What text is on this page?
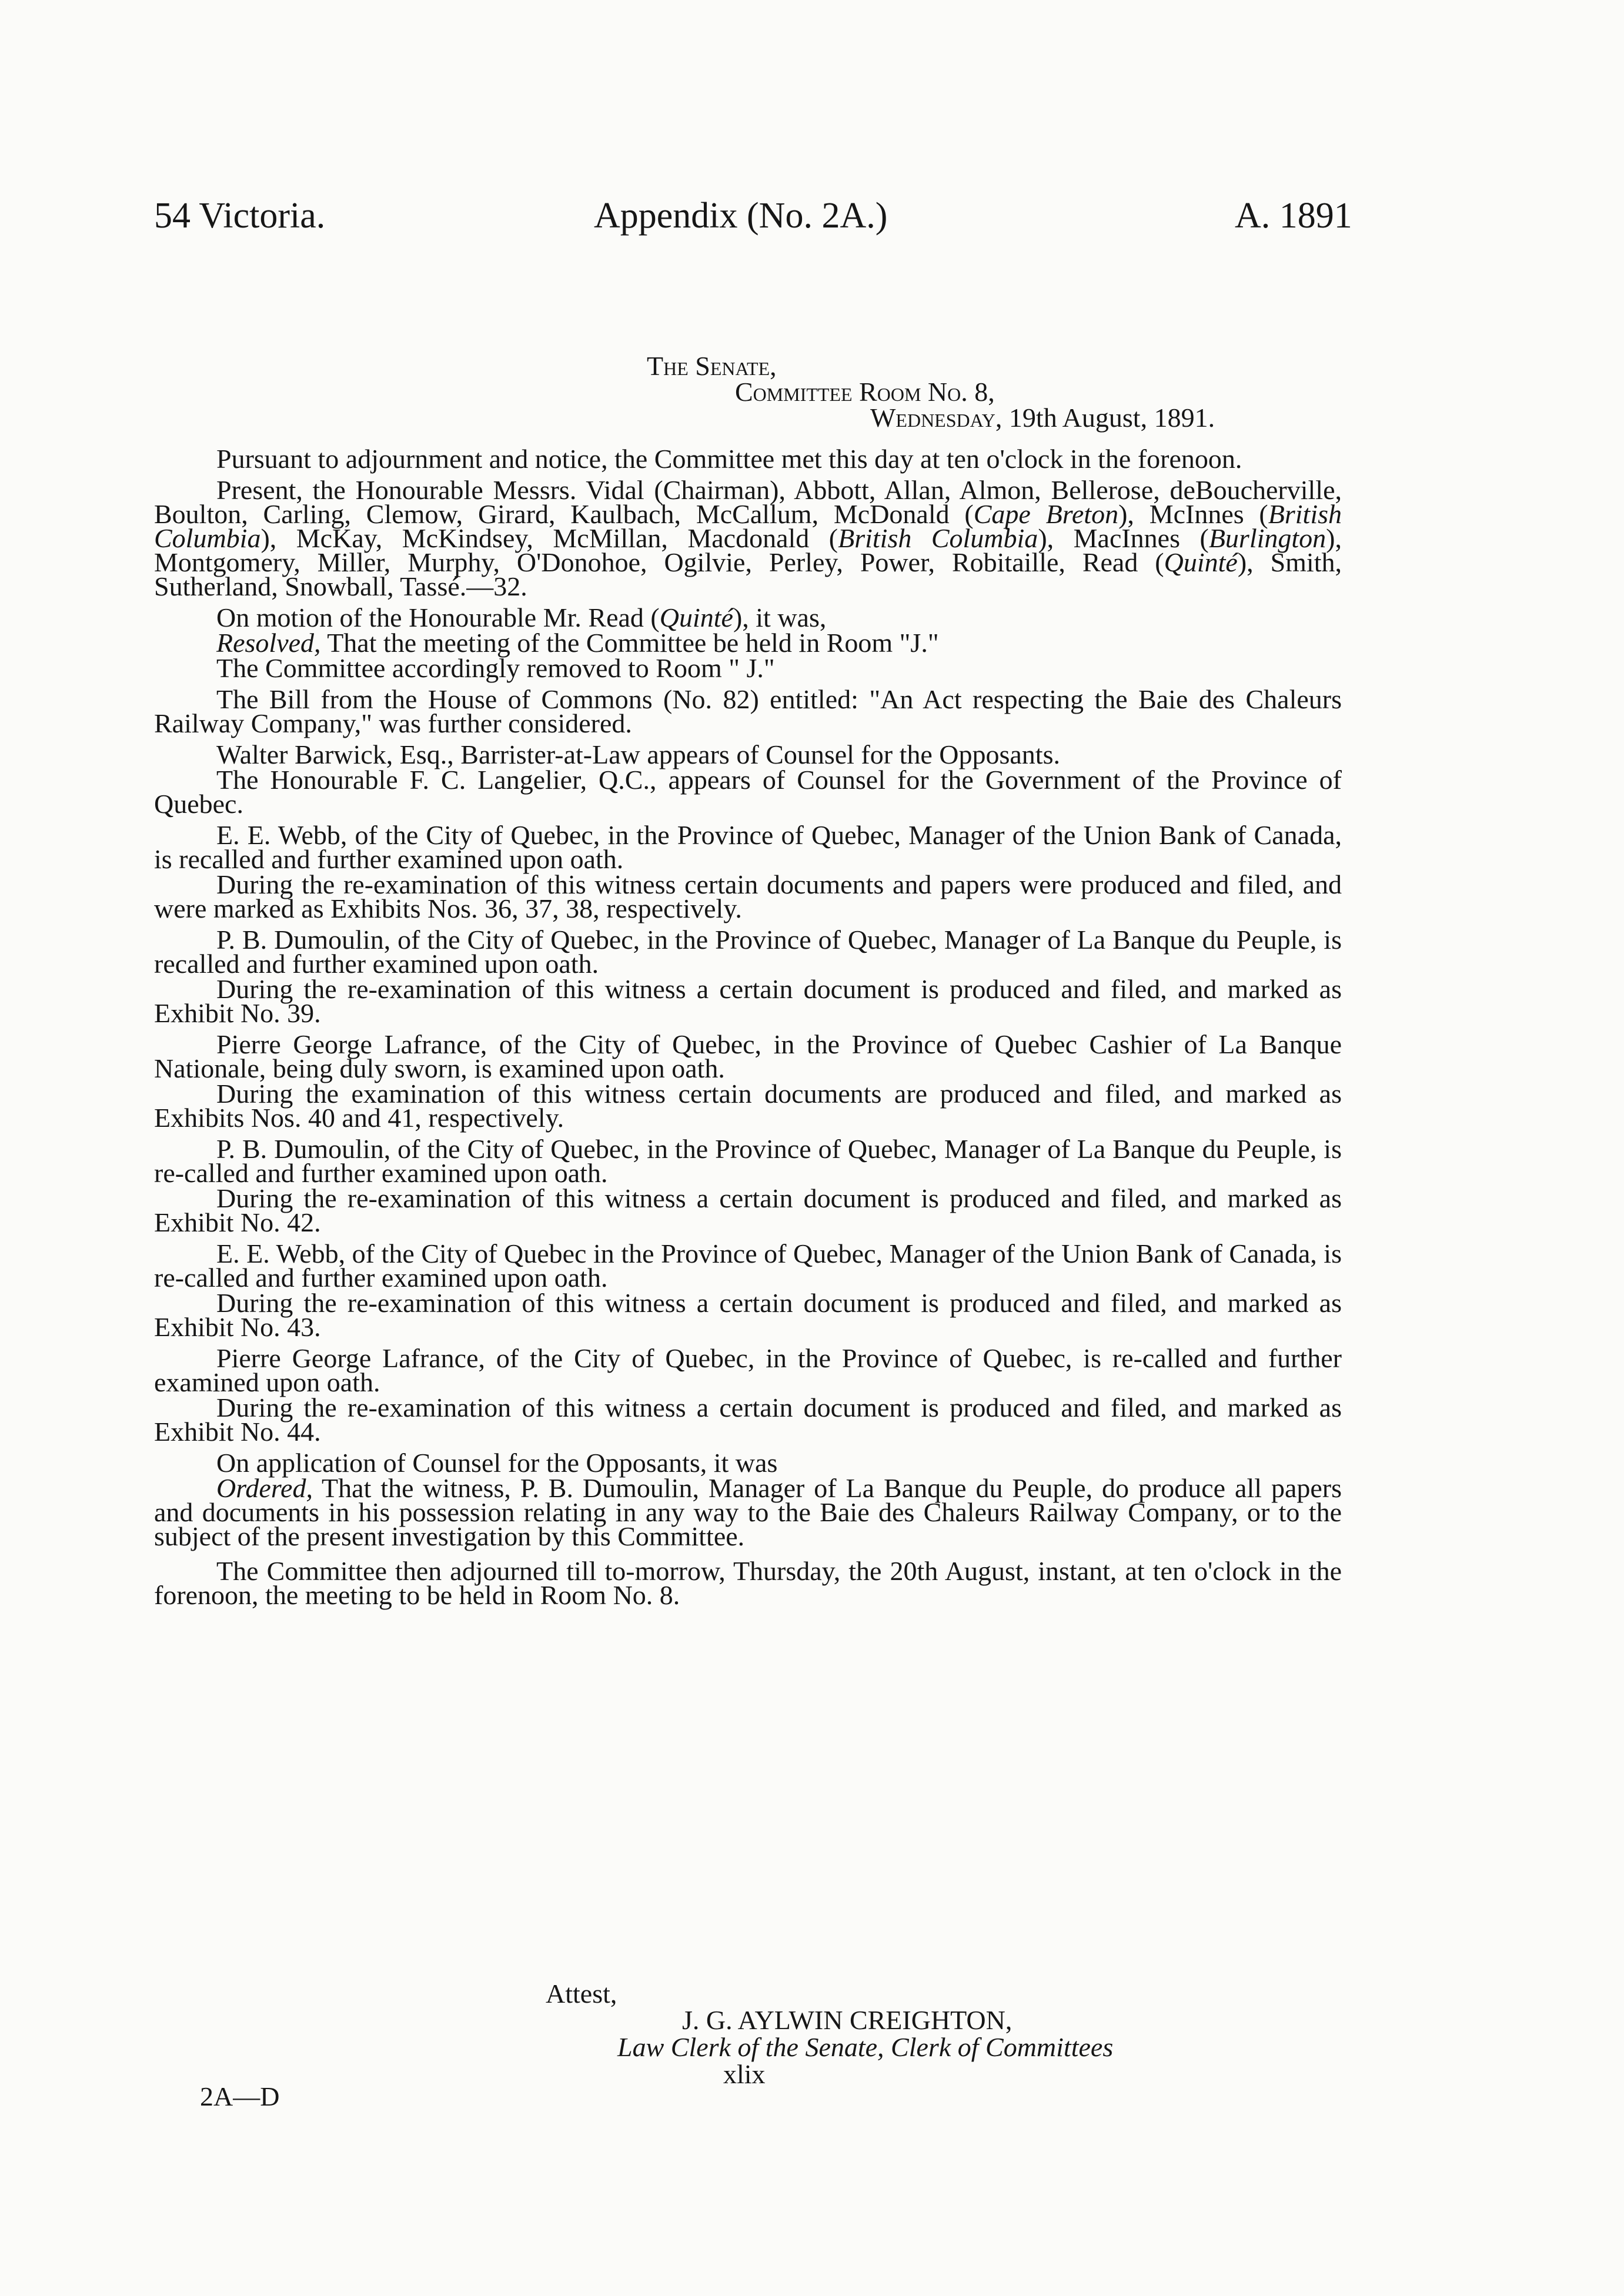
54 Victoria.	Appendix (No. 2A.)	A. 1891
The Senate,
Committee Room No. 8,
Wednesday, 19th August, 1891.

Pursuant to adjournment and notice, the Committee met this day at ten o'clock in the forenoon.

Present, the Honourable Messrs. Vidal (Chairman), Abbott, Allan, Almon, Bellerose, deBoucherville, Boulton, Carling, Clemow, Girard, Kaulbach, McCallum, McDonald (Cape Breton), McInnes (British Columbia), McKay, McKindsey, McMillan, Macdonald (British Columbia), MacInnes (Burlington), Montgomery, Miller, Murphy, O'Donohoe, Ogilvie, Perley, Power, Robitaille, Read (Quinté), Smith, Sutherland, Snowball, Tassé.—32.

On motion of the Honourable Mr. Read (Quinté), it was,

Resolved, That the meeting of the Committee be held in Room "J."

The Committee accordingly removed to Room " J."

The Bill from the House of Commons (No. 82) entitled: "An Act respecting the Baie des Chaleurs Railway Company," was further considered.

Walter Barwick, Esq., Barrister-at-Law appears of Counsel for the Opposants.

The Honourable F. C. Langelier, Q.C., appears of Counsel for the Government of the Province of Quebec.

E. E. Webb, of the City of Quebec, in the Province of Quebec, Manager of the Union Bank of Canada, is recalled and further examined upon oath.

During the re-examination of this witness certain documents and papers were produced and filed, and were marked as Exhibits Nos. 36, 37, 38, respectively.

P. B. Dumoulin, of the City of Quebec, in the Province of Quebec, Manager of La Banque du Peuple, is recalled and further examined upon oath.

During the re-examination of this witness a certain document is produced and filed, and marked as Exhibit No. 39.

Pierre George Lafrance, of the City of Quebec, in the Province of Quebec Cashier of La Banque Nationale, being duly sworn, is examined upon oath.

During the examination of this witness certain documents are produced and filed, and marked as Exhibits Nos. 40 and 41, respectively.

P. B. Dumoulin, of the City of Quebec, in the Province of Quebec, Manager of La Banque du Peuple, is re-called and further examined upon oath.

During the re-examination of this witness a certain document is produced and filed, and marked as Exhibit No. 42.

E. E. Webb, of the City of Quebec in the Province of Quebec, Manager of the Union Bank of Canada, is re-called and further examined upon oath.

During the re-examination of this witness a certain document is produced and filed, and marked as Exhibit No. 43.

Pierre George Lafrance, of the City of Quebec, in the Province of Quebec, is re-called and further examined upon oath.

During the re-examination of this witness a certain document is produced and filed, and marked as Exhibit No. 44.

On application of Counsel for the Opposants, it was

Ordered, That the witness, P. B. Dumoulin, Manager of La Banque du Peuple, do produce all papers and documents in his possession relating in any way to the Baie des Chaleurs Railway Company, or to the subject of the present investigation by this Committee.

The Committee then adjourned till to-morrow, Thursday, the 20th August, instant, at ten o'clock in the forenoon, the meeting to be held in Room No. 8.

Attest,
J. G. AYLWIN CREIGHTON,
Law Clerk of the Senate, Clerk of Committees
xlix
2A—D
